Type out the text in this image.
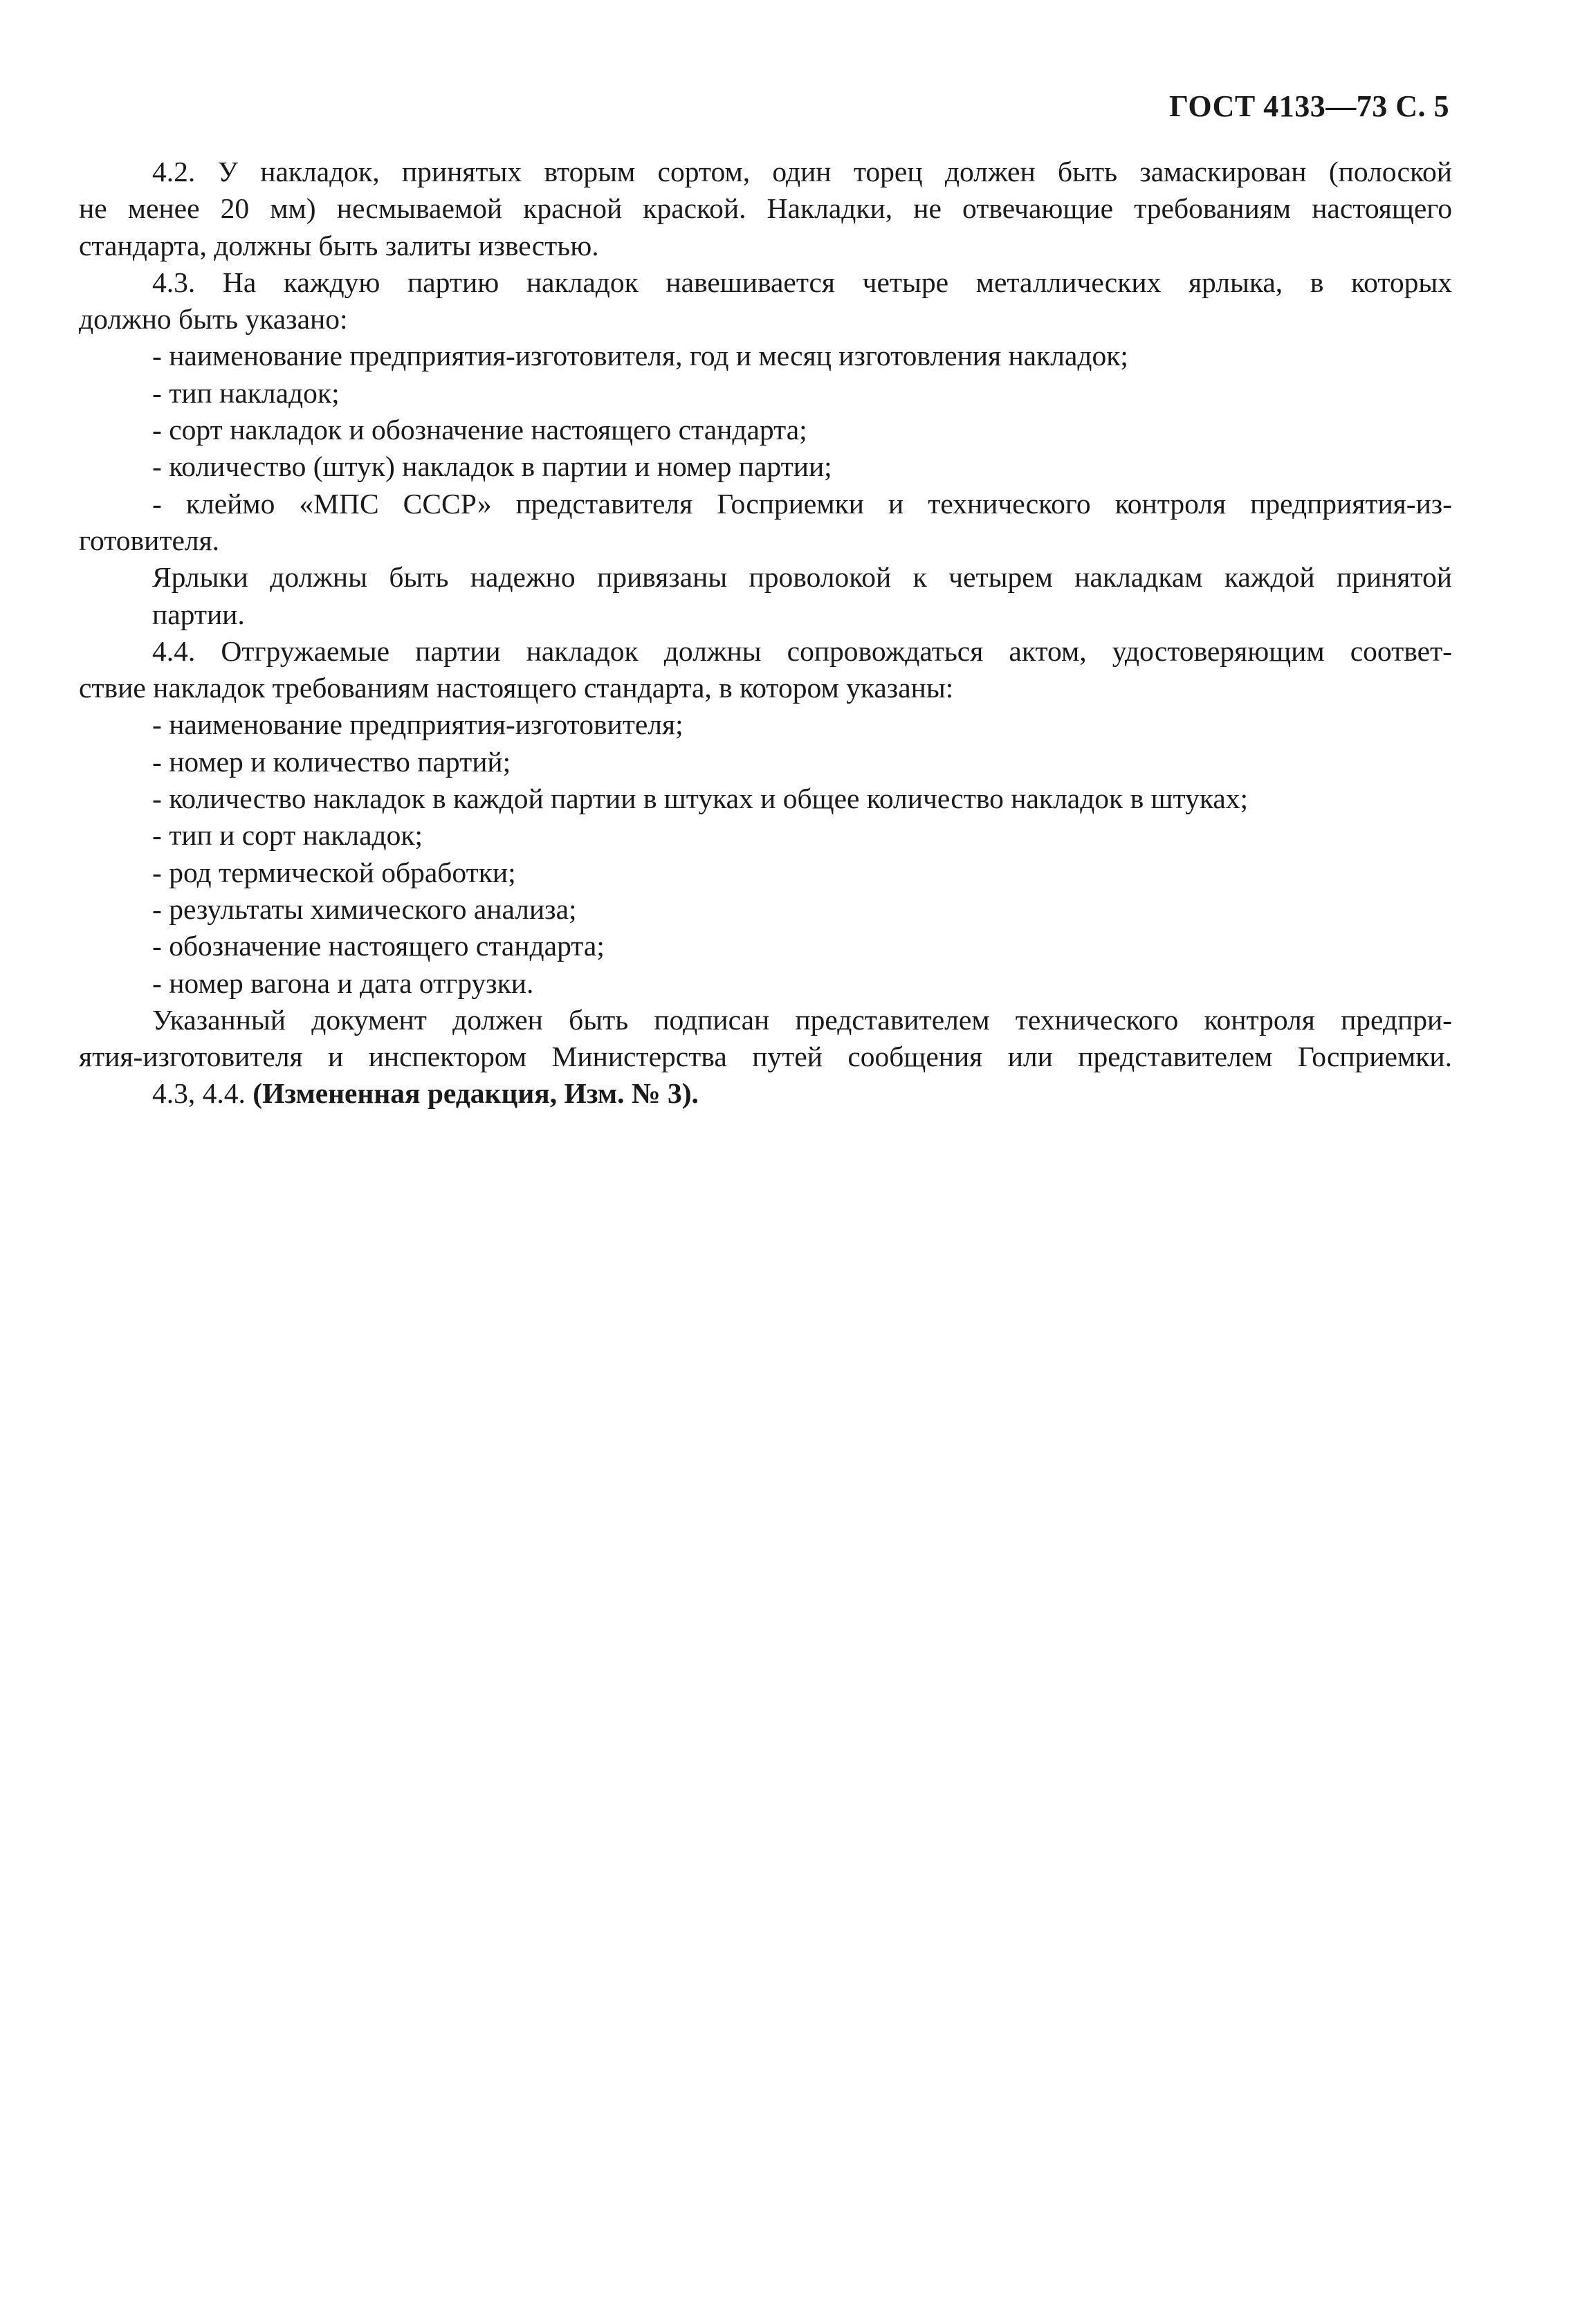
ГОСТ 4133—73 С. 5

4.2. У накладок, принятых вторым сортом, один торец должен быть замаскирован (полоской

не менее 20 мм) несмываемой красной краской. Накладки, не отвечающие требованиям настоящего

стандарта, должны быть залиты известью.

4.3. На каждую партию накладок навешивается четыре металлических ярлыка, в которых

должно быть указано:

- наименование предприятия-изготовителя, год и месяц изготовления накладок;

- тип накладок;

- сорт накладок и обозначение настоящего стандарта;

- количество (штук) накладок в партии и номер партии;

- клеймо «МПС СССР» представителя Госприемки и технического контроля предприятия-из-

готовителя.

Ярлыки должны быть надежно привязаны проволокой к четырем накладкам каждой принятой

партии.

4.4. Отгружаемые партии накладок должны сопровождаться актом, удостоверяющим соответ-

ствие накладок требованиям настоящего стандарта, в котором указаны:

- наименование предприятия-изготовителя;

- номер и количество партий;

- количество накладок в каждой партии в штуках и общее количество накладок в штуках;

- тип и сорт накладок;

- род термической обработки;

- результаты химического анализа;

- обозначение настоящего стандарта;

- номер вагона и дата отгрузки.

Указанный документ должен быть подписан представителем технического контроля предпри-

ятия-изготовителя и инспектором Министерства путей сообщения или представителем Госприемки.

4.3, 4.4. (Измененная редакция, Изм. № 3).
